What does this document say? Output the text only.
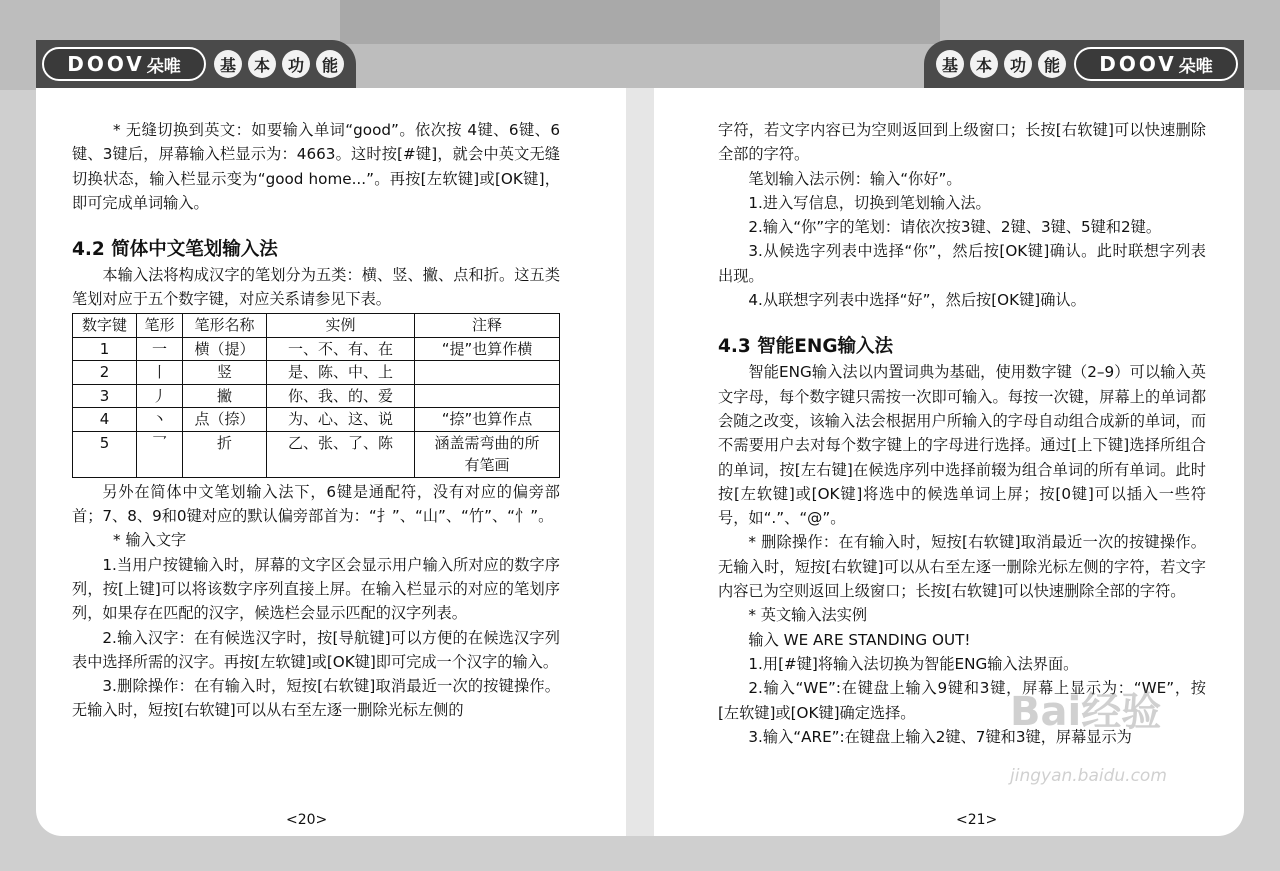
DOOV 朵唯	基	本	功	能	基	本	功	能	DOOV 朵唯

* 无缝切换到英文：如要输入单词“good”。依次按 4键、6键、6键、3键后，屏幕输入栏显示为：4663。这时按[#键]，就会中英文无缝切换状态，输入栏显示变为“good home...”。再按[左软键]或[OK键]，即可完成单词输入。

4.2 简体中文笔划输入法

本输入法将构成汉字的笔划分为五类：横、竖、撇、点和折。这五类笔划对应于五个数字键，对应关系请参见下表。

数字键	笔形	笔形名称	实例	注释
1	一	横（提）	一、不、有、在	“提”也算作横
2	丨	竖	是、陈、中、上	
3	丿	撇	你、我、的、爱	
4	丶	点（捺）	为、心、这、说	“捺”也算作点
5	乛	折	乙、张、了、陈	涵盖需弯曲的所有笔画

另外在简体中文笔划输入法下，6键是通配符，没有对应的偏旁部首；7、8、9和0键对应的默认偏旁部首为：“扌”、“山”、“竹”、“忄”。

* 输入文字

1.当用户按键输入时，屏幕的文字区会显示用户输入所对应的数字序列，按[上键]可以将该数字序列直接上屏。在输入栏显示的对应的笔划序列，如果存在匹配的汉字，候选栏会显示匹配的汉字列表。

2.输入汉字：在有候选汉字时，按[导航键]可以方便的在候选汉字列表中选择所需的汉字。再按[左软键]或[OK键]即可完成一个汉字的输入。

3.删除操作：在有输入时，短按[右软键]取消最近一次的按键操作。无输入时，短按[右软键]可以从右至左逐一删除光标左侧的

<20>

字符，若文字内容已为空则返回到上级窗口；长按[右软键]可以快速删除全部的字符。

笔划输入法示例：输入“你好”。

1.进入写信息，切换到笔划输入法。

2.输入“你”字的笔划：请依次按3键、2键、3键、5键和2键。

3.从候选字列表中选择“你”，然后按[OK键]确认。此时联想字列表出现。

4.从联想字列表中选择“好”，然后按[OK键]确认。

4.3 智能ENG输入法

智能ENG输入法以内置词典为基础，使用数字键（2–9）可以输入英文字母，每个数字键只需按一次即可输入。每按一次键，屏幕上的单词都会随之改变，该输入法会根据用户所输入的字母自动组合成新的单词，而不需要用户去对每个数字键上的字母进行选择。通过[上下键]选择所组合的单词，按[左右键]在候选序列中选择前辍为组合单词的所有单词。此时按[左软键]或[OK键]将选中的候选单词上屏；按[0键]可以插入一些符号，如“.”、“@”。

* 删除操作：在有输入时，短按[右软键]取消最近一次的按键操作。无输入时，短按[右软键]可以从右至左逐一删除光标左侧的字符，若文字内容已为空则返回上级窗口；长按[右软键]可以快速删除全部的字符。

* 英文输入法实例

输入 WE ARE STANDING OUT!

1.用[#键]将输入法切换为智能ENG输入法界面。

2.输入“WE”:在键盘上输入9键和3键，屏幕上显示为：“WE”，按[左软键]或[OK键]确定选择。

3.输入“ARE”:在键盘上输入2键、7键和3键，屏幕显示为

<21>
Bai经验
jingyan.baidu.com
